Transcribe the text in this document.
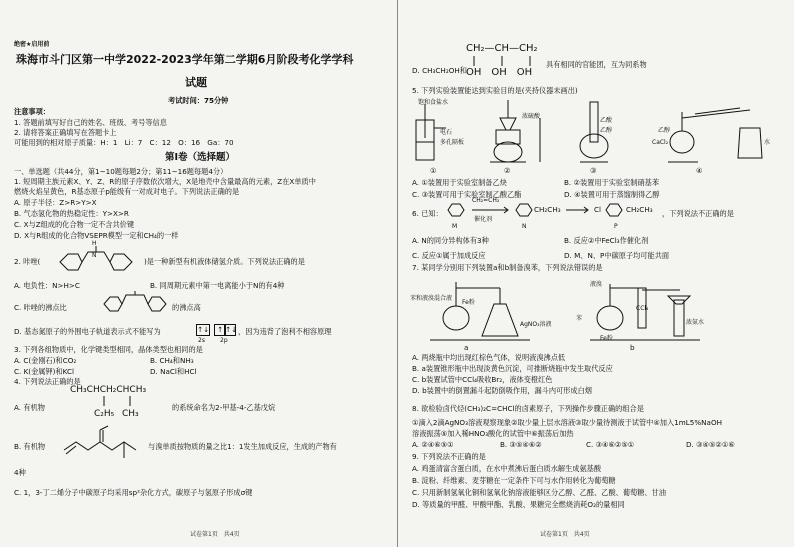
绝密★启用前
珠海市斗门区第一中学2022-2023学年第二学期6月阶段考化学学科
试题
考试时间：75分钟
注意事项：
1. 答题前填写好自己的姓名、班级、考号等信息
2. 请将答案正确填写在答题卡上
可能用到的相对原子质量：H：1　Li：7　C：12　O：16　Ga：70
第Ⅰ卷（选择题）
一、单选题（共44分，第1~10题每题2分；第11~16题每题4分）
1. 短周期主族元素X、Y、Z、R的原子序数依次增大，X是地壳中含量最高的元素，Z在X单质中
燃烧火焰呈黄色，R基态原子p能级有一对成对电子。下列说法正确的是
A. 原子半径：Z>R>Y>X
B. 气态氢化物的热稳定性：Y>X>R
C. X与Z组成的化合物一定不含共价键
D. X与R组成的化合物VSEPR模型一定和CH₄的一样
2. 咔唑(
H
N
)是一种新型有机液体储氢介质。下列说法正确的是
A. 电负性：N>H>C	B. 同周期元素中第一电离能小于N的有4种
C. 咔唑的沸点比	的沸点高
D. 基态氮原子的外围电子轨道表示式不能写为	↑↓	↑ ↑↓
2s	2p
，因为违背了泡利不相容原理
3. 下列各组物质中，化学键类型相同，晶体类型也相同的是
A. C(金刚石)和CO₂	B. CH₄和NH₃
C. K(金属钾)和KCl	D. NaCl和HCl
4. 下列说法正确的是
CH₃CHCH₂CHCH₃
A. 有机物
C₂H₅ CH₃
的系统命名为2-甲基-4-乙基戊烷
B. 有机物	与溴单质按物质的量之比1：1发生加成反应，生成的产物有
4种
C. 1，3-丁二烯分子中碳原子均采用sp²杂化方式，碳原子与氢原子形成σ键
试卷第1页　共4页
D. CH₃CH₂OH和
CH₂—CH—CH₂
OH　OH　OH
具有相同的官能团，互为同系物
5. 下列实验装置能达到实验目的是(夹持仪器未画出)
饱和食盐水
电石
多孔隔板
浓硫酸
乙酸
乙醇	乙醇
CaCl₂	水
①	②	③	④
A. ①装置用于实验室制备乙炔	B. ②装置用于实验室制硝基苯
C. ③装置可用于实验室制乙酸乙酯	D. ④装置可用于蒸馏制得乙醇
6. 已知：
CH₂=CH₂
催化剂
CH₂CH₃	Cl	CH₂CH₃
M	N	P
，下列说法不正确的是
A. N的同分异构体有3种	B. 反应②中FeCl₃作催化剂
C. 反应①属于加成反应	D. M、N、P中碳原子均可能共面
7. 某同学分别用下列装置a和b制备溴苯，下列说法错误的是
苯和液溴混合液
Fe粉
AgNO₃溶液
a
液溴
苯
Fe粉
CCl₄
浓氨水
b
A. 两烧瓶中均出现红棕色气体，说明液溴沸点低
B. a装置锥形瓶中出现淡黄色沉淀，可推断烧瓶中发生取代反应
C. b装置试管中CCl₄吸收Br₂，液体变橙红色
D. b装置中的倒置漏斗起防倒吸作用，漏斗内可形成白烟
8. 欲检验卤代烃(CH₃)₂C=CHCl的卤素原子，下列操作步骤正确的组合是
①滴入2滴AgNO₃溶液观察现象②取少量上层水溶液③取少量待测液于试管中④加入1mL5%NaOH
溶液振荡⑤加入稀HNO₃酸化的试管中⑥振荡后加热
A. ②④⑥⑤①	B. ③⑤④⑥②	C. ③④⑥②⑤①	D. ③④⑤②①⑥
9. 下列说法不正确的是
A. 鸡蛋清富含蛋白质，在水中煮沸后蛋白质水解生成氨基酸
B. 淀粉、纤维素、麦芽糖在一定条件下可与水作用转化为葡萄糖
C. 只用新制氢氧化铜和氢氧化钠溶液能够区分乙醇、乙醛、乙酸、葡萄糖、甘油
D. 等质量的甲醛、甲酸甲酯、乳酸、果糖完全燃烧消耗O₂的量相同
试卷第1页　共4页
